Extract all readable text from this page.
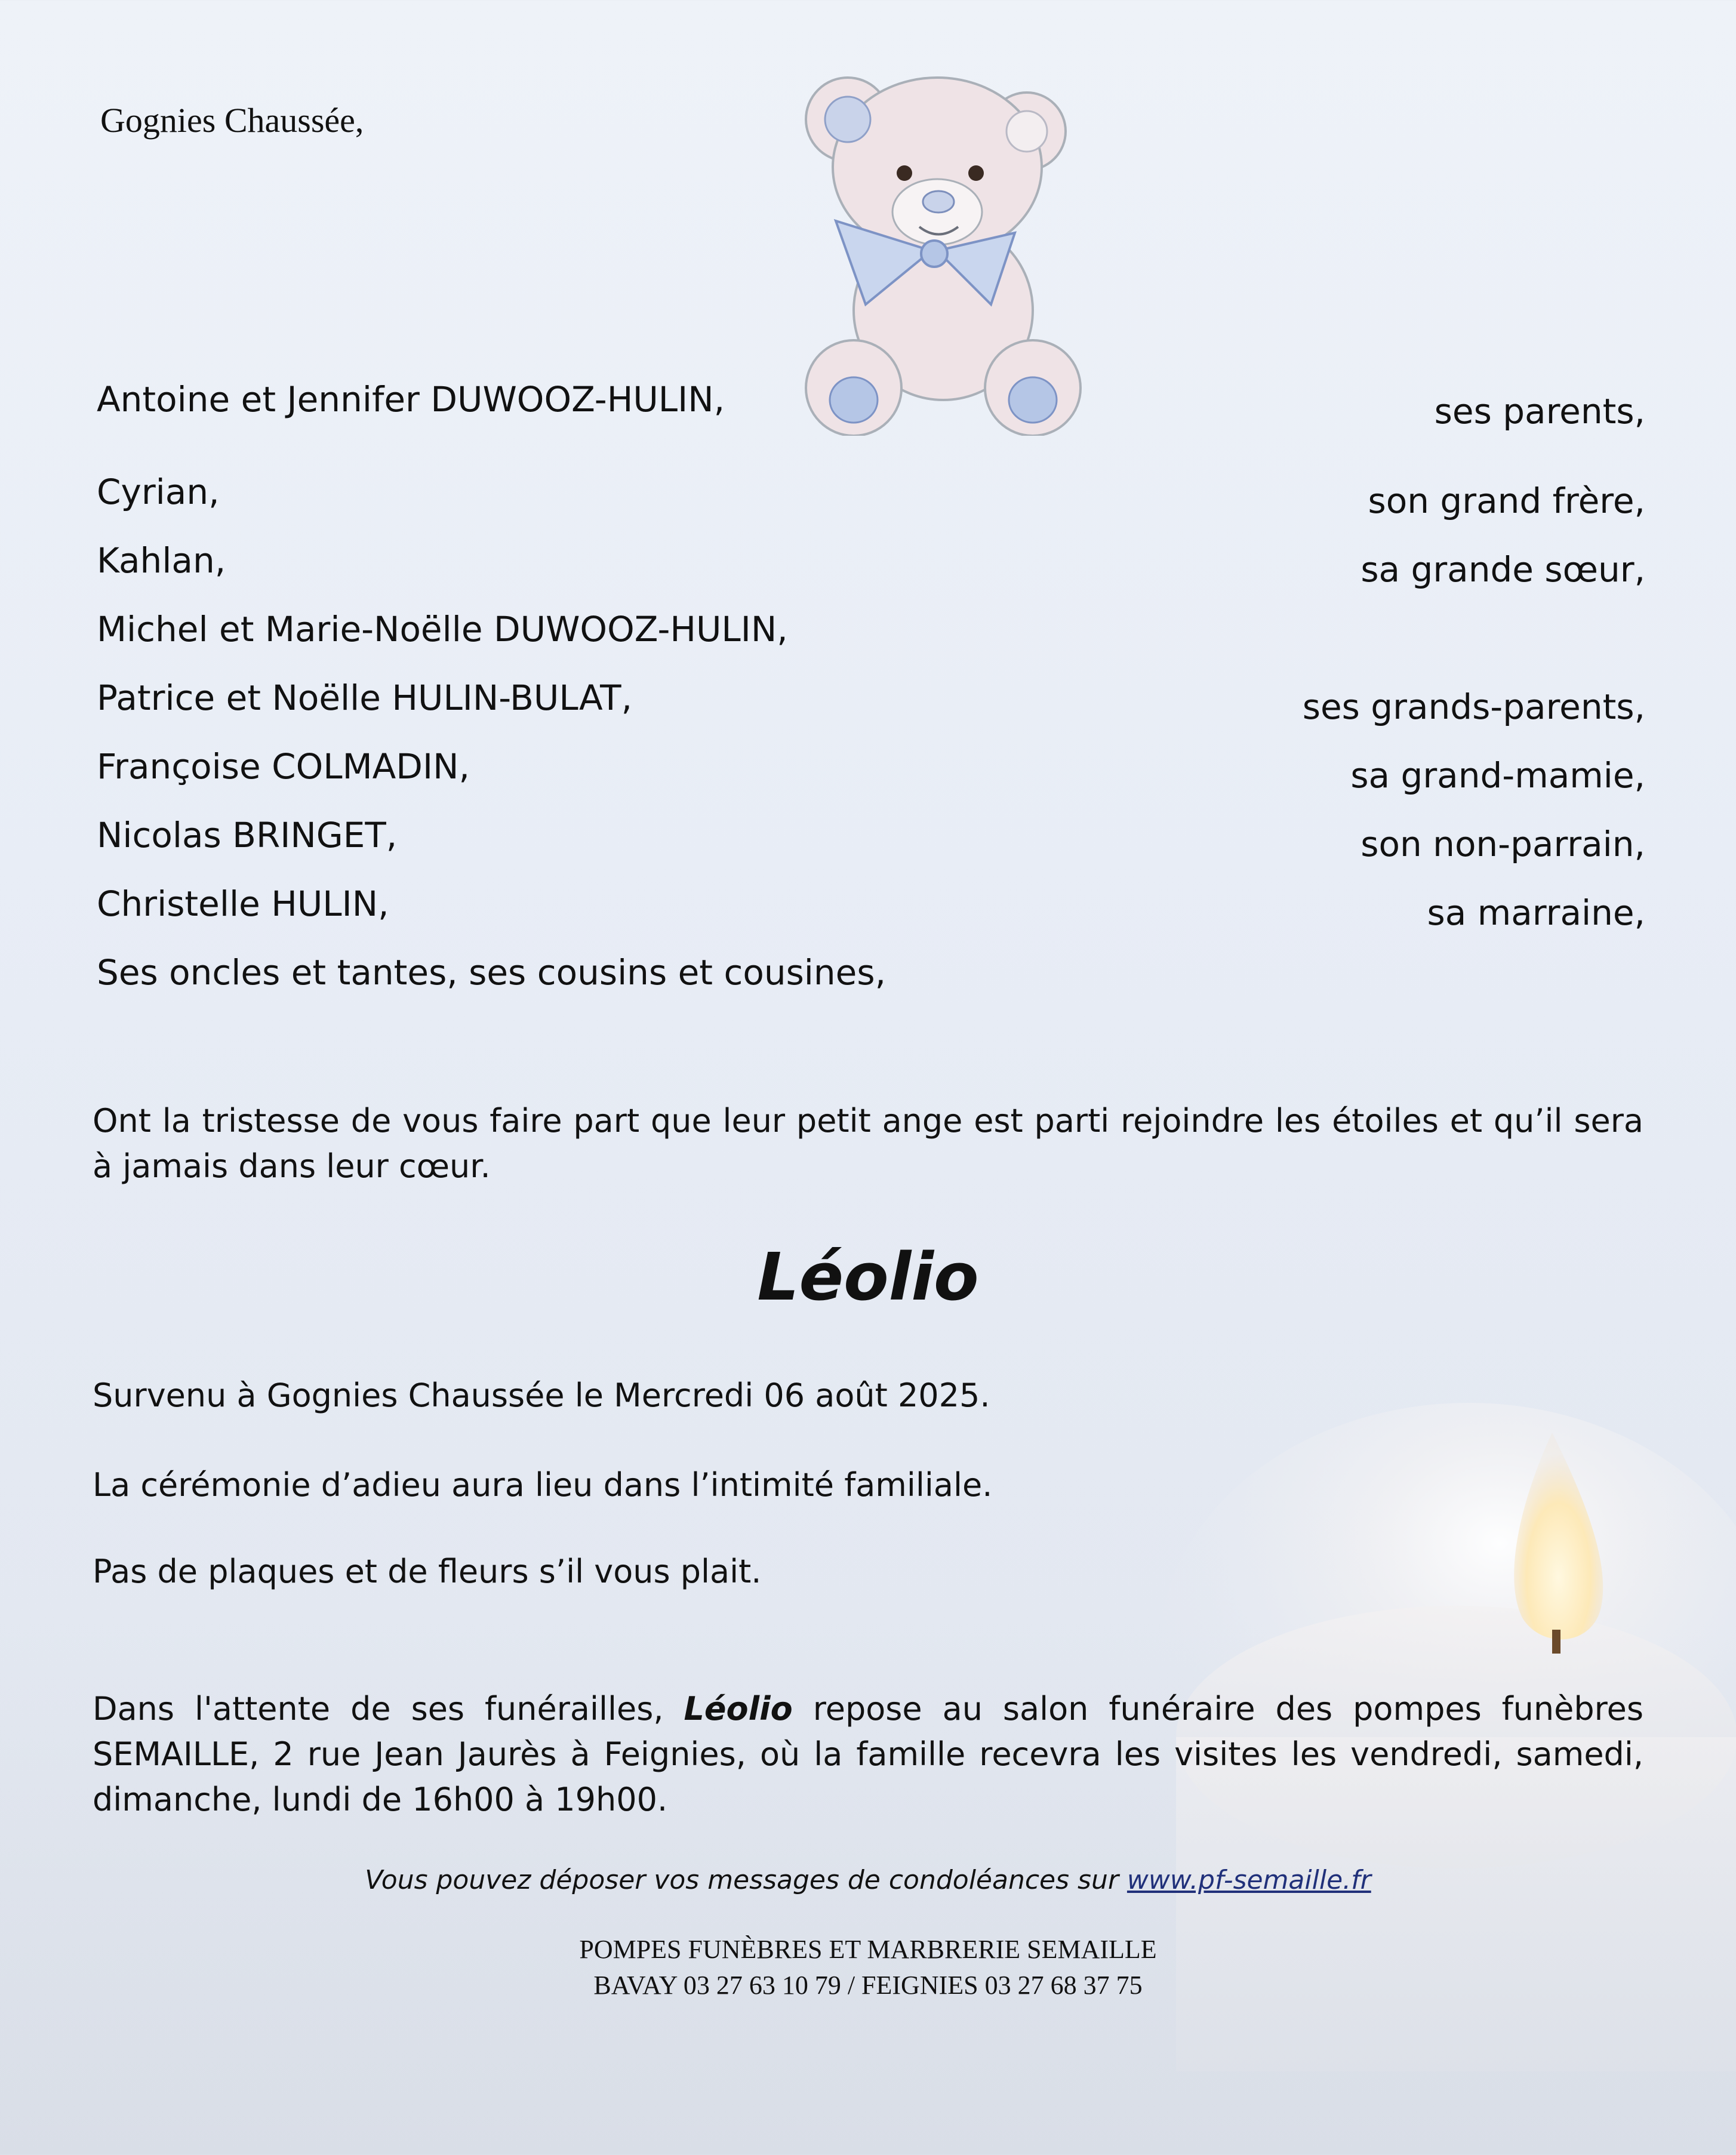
Gognies Chaussée,
Antoine et Jennifer DUWOOZ-HULIN,	ses parents,
Cyrian,	son grand frère,
Kahlan,	sa grande sœur,
Michel et Marie-Noëlle DUWOOZ-HULIN,
Patrice et Noëlle HULIN-BULAT,	ses grands-parents,
Françoise COLMADIN,	sa grand-mamie,
Nicolas BRINGET,	son non-parrain,
Christelle HULIN,	sa marraine,
Ses oncles et tantes, ses cousins et cousines,
Ont la tristesse de vous faire part que leur petit ange est parti rejoindre les étoiles et qu’il sera à jamais dans leur cœur.
Léolio
Survenu à Gognies Chaussée le Mercredi 06 août 2025.
La cérémonie d’adieu aura lieu dans l’intimité familiale.
Pas de plaques et de fleurs s’il vous plait.
Dans l'attente de ses funérailles, Léolio repose au salon funéraire des pompes funèbres SEMAILLE, 2 rue Jean Jaurès à Feignies, où la famille recevra les visites les vendredi, samedi, dimanche, lundi de 16h00 à 19h00.
Vous pouvez déposer vos messages de condoléances sur www.pf-semaille.fr
POMPES FUNÈBRES ET MARBRERIE SEMAILLE
BAVAY 03 27 63 10 79 / FEIGNIES 03 27 68 37 75
